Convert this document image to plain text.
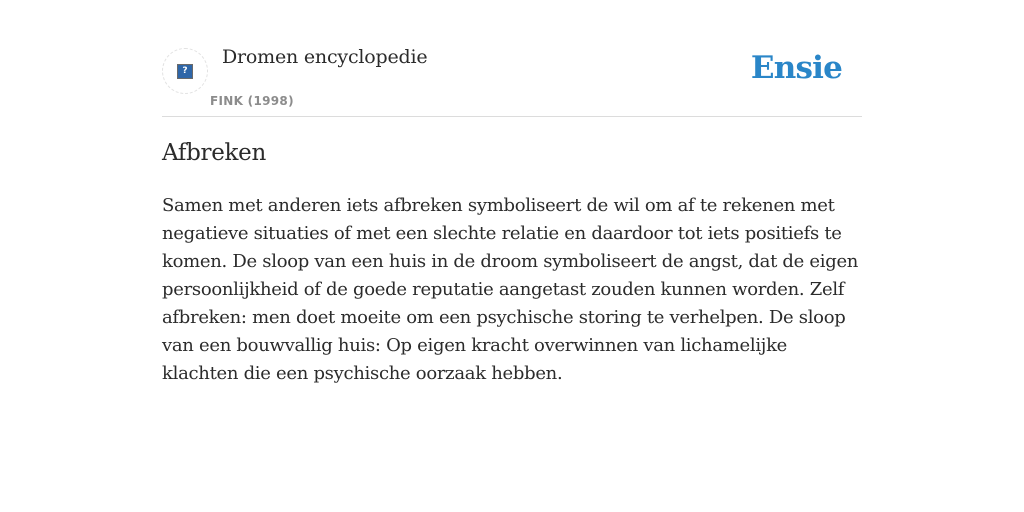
?
Dromen encyclopedie
FINK (1998)
Ensie
Afbreken

Samen met anderen iets afbreken symboliseert de wil om af te rekenen met negatieve situaties of met een slechte relatie en daardoor tot iets positiefs te komen. De sloop van een huis in de droom symboliseert de angst, dat de eigen persoonlijkheid of de goede reputatie aangetast zouden kunnen worden. Zelf afbreken: men doet moeite om een psychische storing te verhelpen. De sloop van een bouwvallig huis: Op eigen kracht overwinnen van lichamelijke klachten die een psychische oorzaak hebben.
